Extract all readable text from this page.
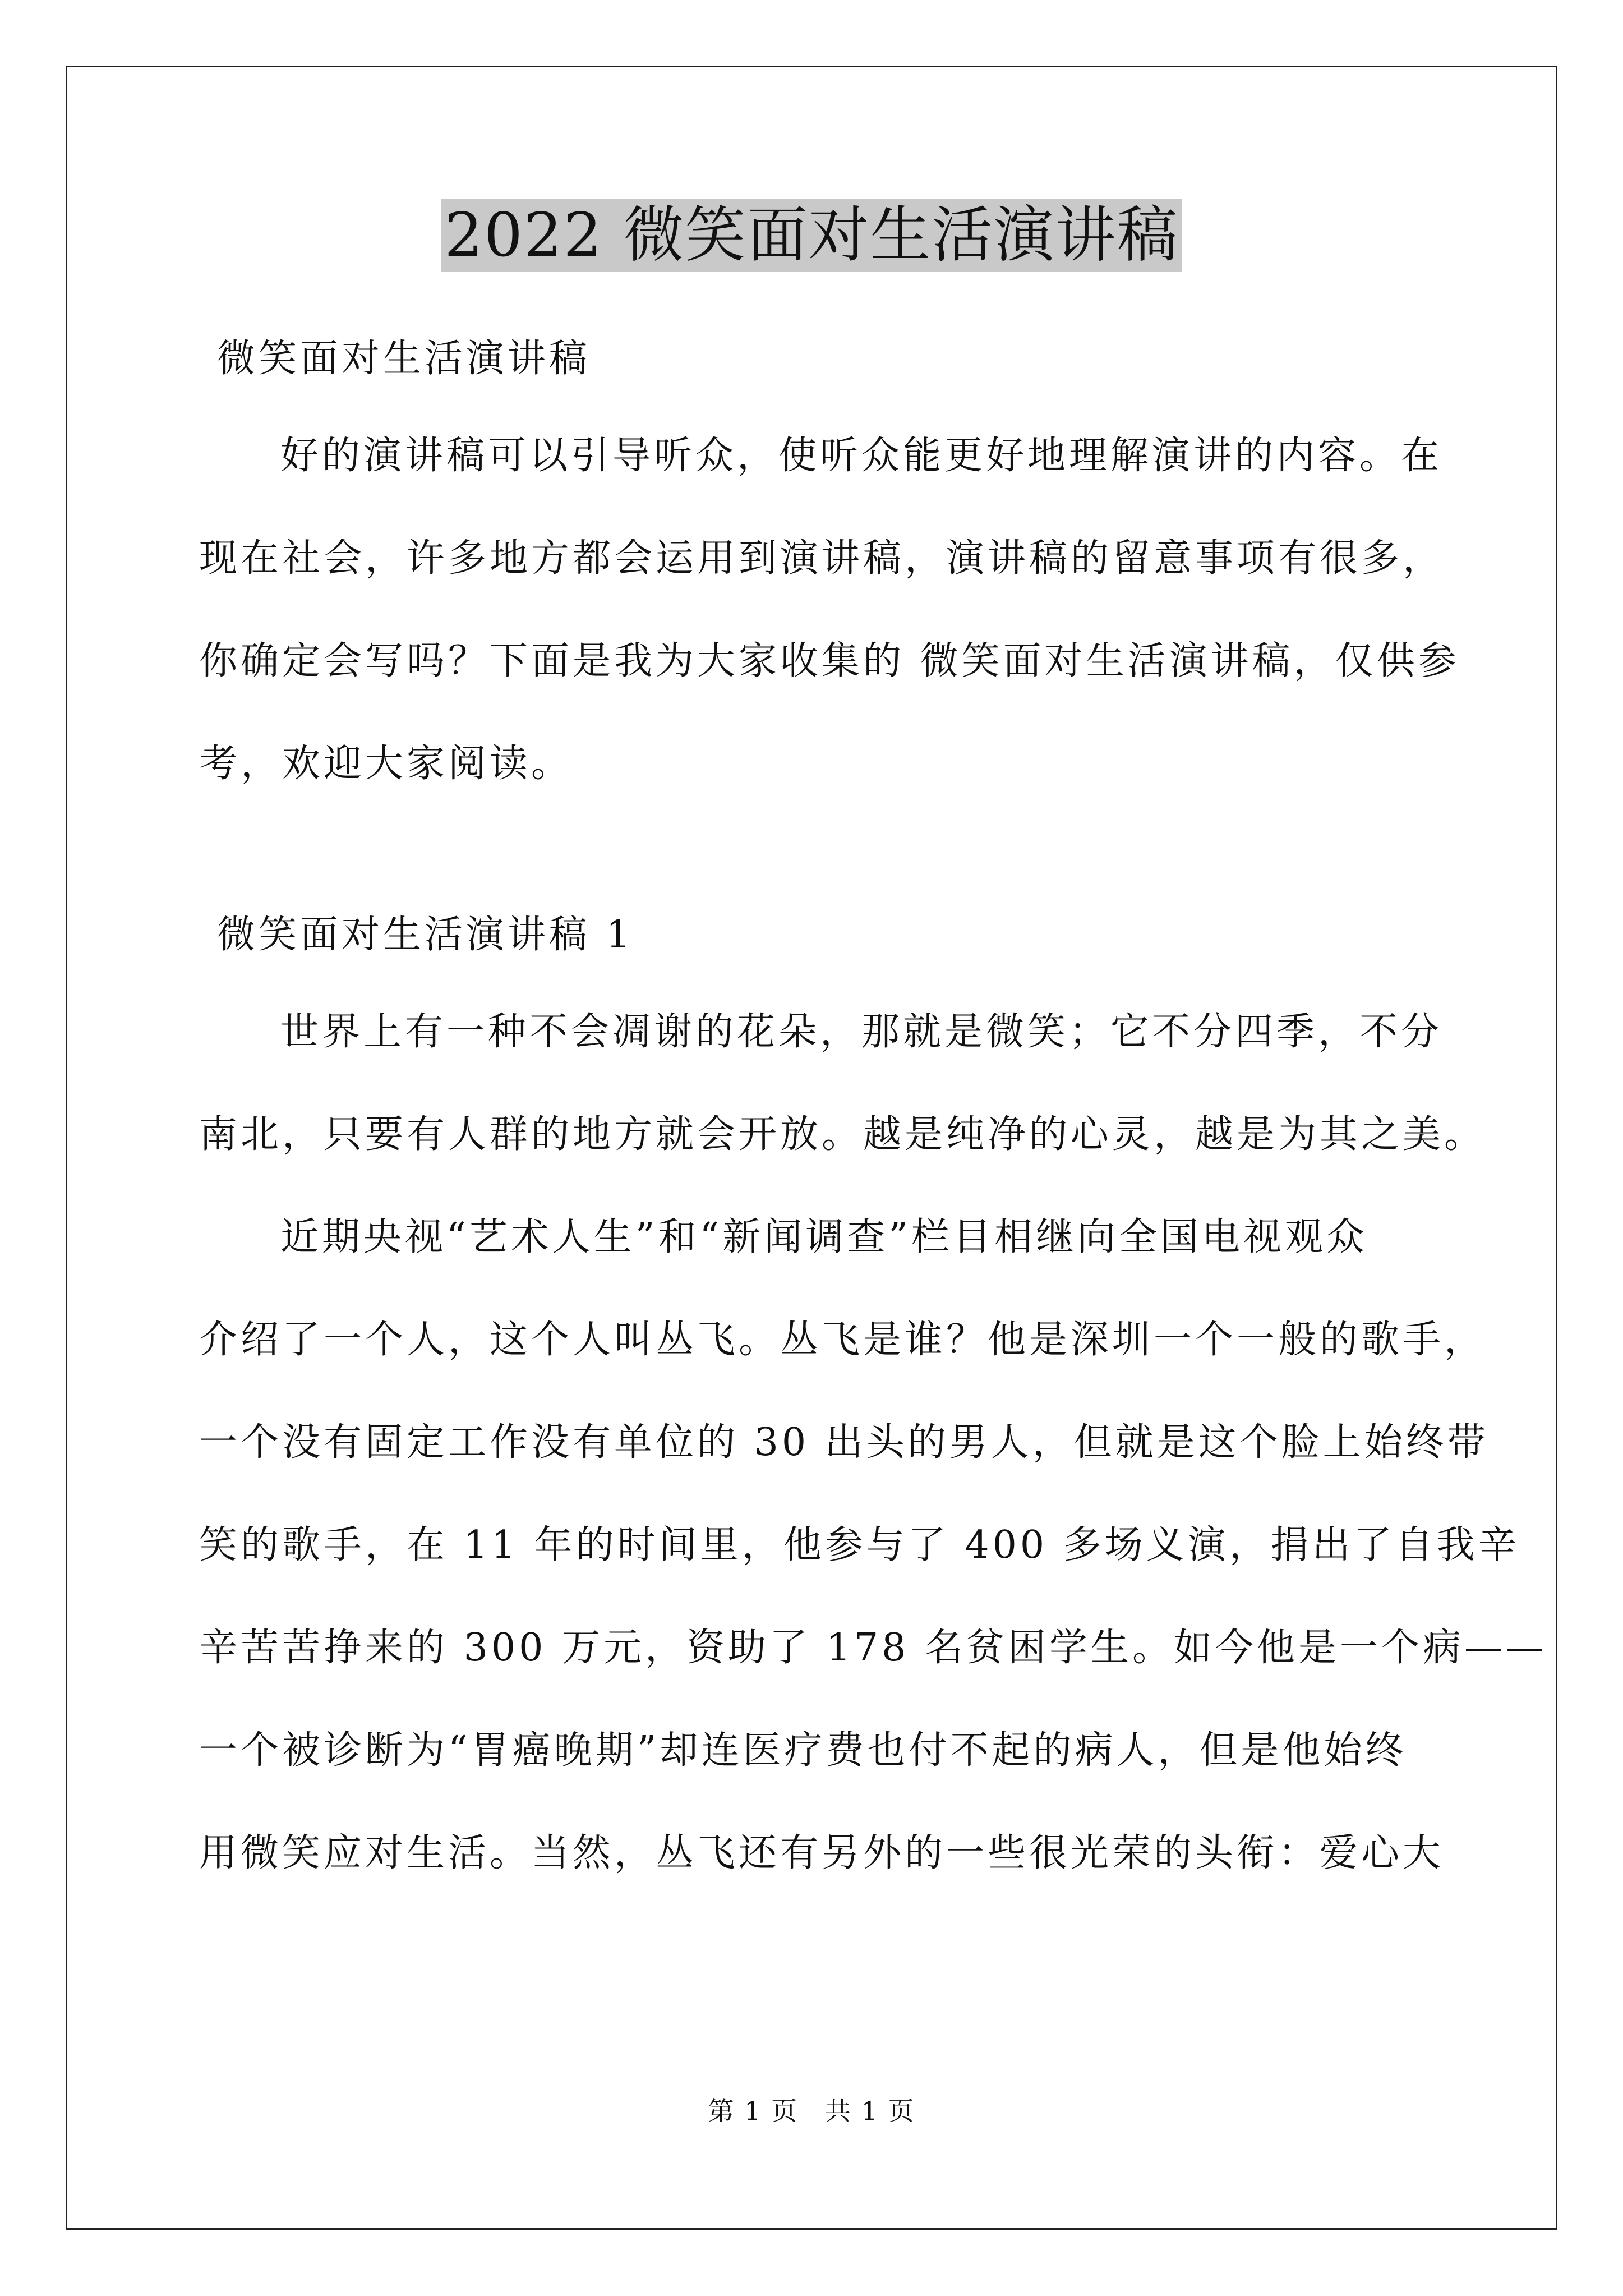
2022 微笑面对生活演讲稿
微笑面对生活演讲稿
好的演讲稿可以引导听众，使听众能更好地理解演讲的内容。在
现在社会，许多地方都会运用到演讲稿，演讲稿的留意事项有很多，
你确定会写吗？下面是我为大家收集的 微笑面对生活演讲稿，仅供参
考，欢迎大家阅读。
微笑面对生活演讲稿 1
世界上有一种不会凋谢的花朵，那就是微笑；它不分四季，不分
南北，只要有人群的地方就会开放。越是纯净的心灵，越是为其之美。
近期央视“艺术人生”和“新闻调查”栏目相继向全国电视观众
介绍了一个人，这个人叫丛飞。丛飞是谁？他是深圳一个一般的歌手，
一个没有固定工作没有单位的 30 出头的男人，但就是这个脸上始终带
笑的歌手，在 11 年的时间里，他参与了 400 多场义演，捐出了自我辛
辛苦苦挣来的 300 万元，资助了 178 名贫困学生。如今他是一个病——
一个被诊断为“胃癌晚期”却连医疗费也付不起的病人，但是他始终
用微笑应对生活。当然，丛飞还有另外的一些很光荣的头衔：爱心大
第 1 页　共 1 页
